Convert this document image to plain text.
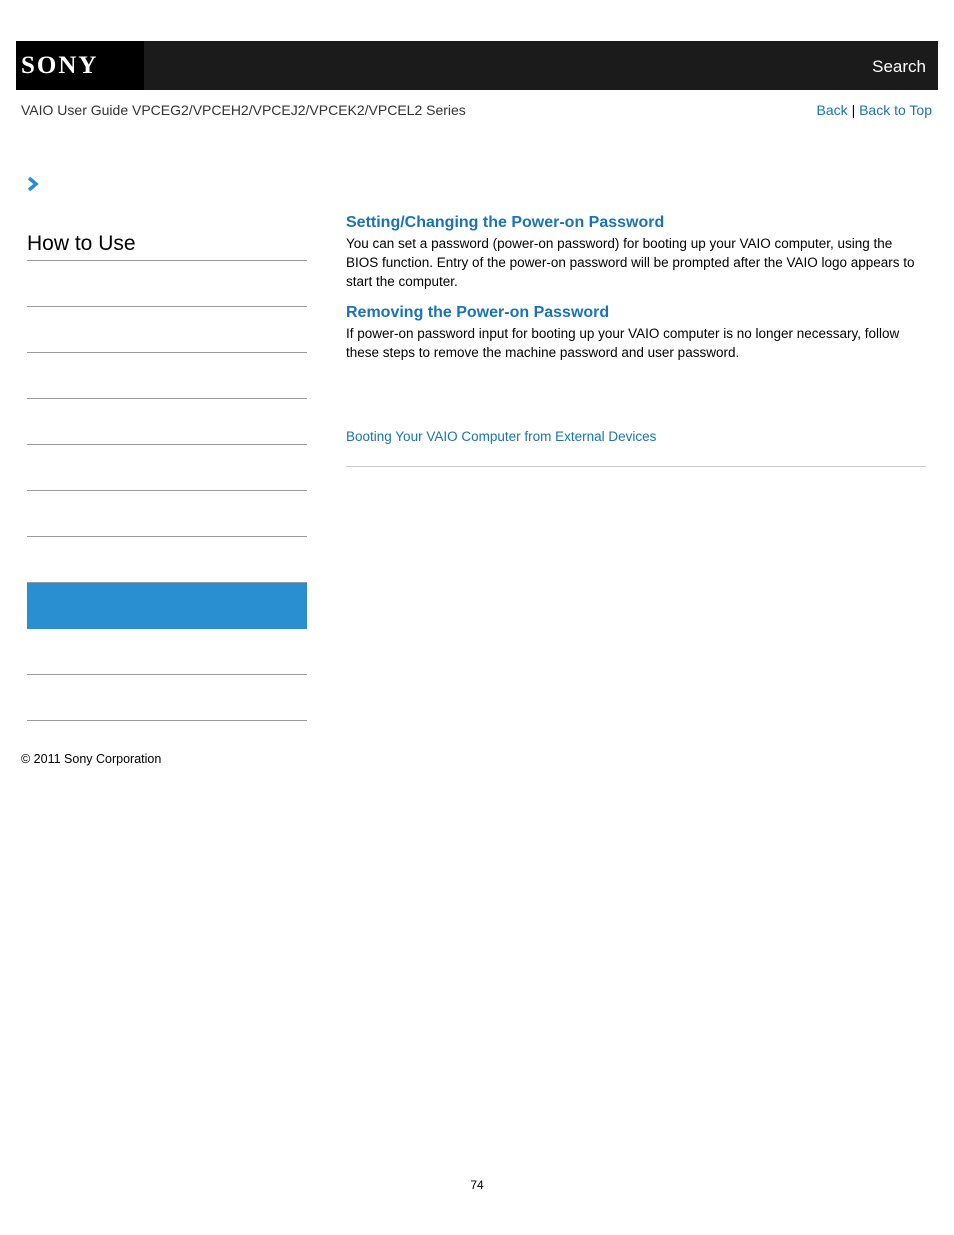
SONY	Search
VAIO User Guide VPCEG2/VPCEH2/VPCEJ2/VPCEK2/VPCEL2 Series	Back | Back to Top
How to Use
Setting/Changing the Power-on Password

You can set a password (power-on password) for booting up your VAIO computer, using the BIOS function. Entry of the power-on password will be prompted after the VAIO logo appears to start the computer.

Removing the Power-on Password

If power-on password input for booting up your VAIO computer is no longer necessary, follow these steps to remove the machine password and user password.

Booting Your VAIO Computer from External Devices
© 2011 Sony Corporation
74
